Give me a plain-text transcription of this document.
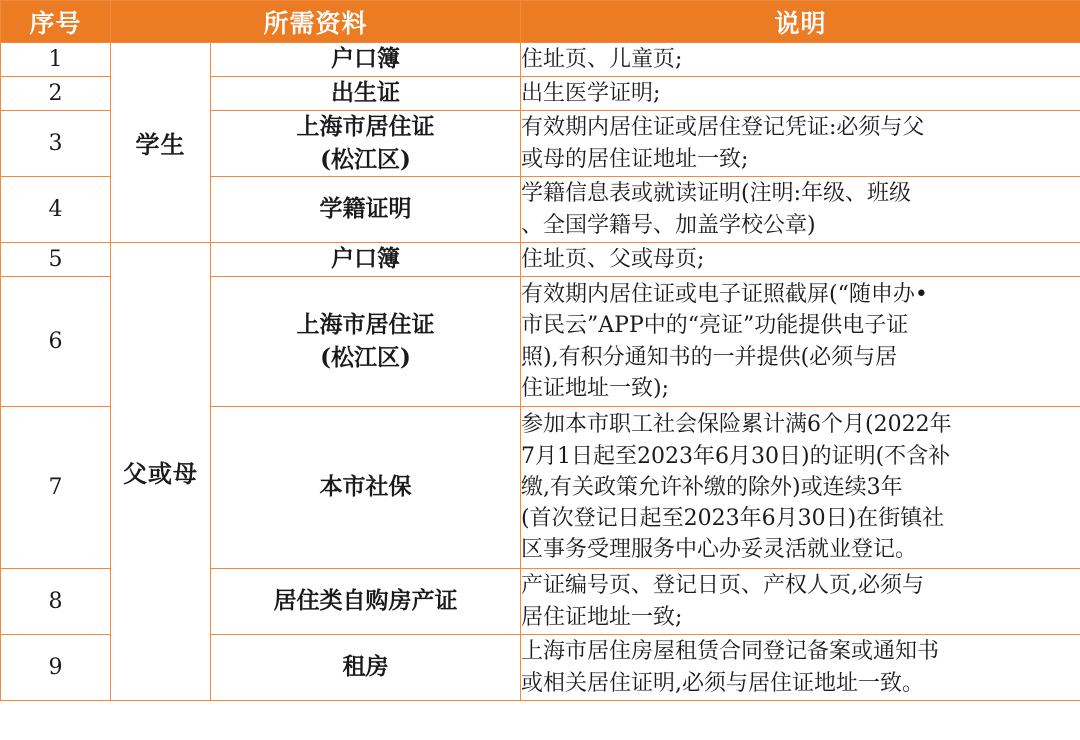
序号	所需资料		说明
1	学生	户口簿	住址页、儿童页;

2		出生证	出生医学证明;

3		上海市居住证
(松江区)	有效期内居住证或居住登记凭证:必须与父
或母的居住证地址一致;

4		学籍证明	学籍信息表或就读证明(注明:年级、班级
、全国学籍号、加盖学校公章)

5	父或母	户口簿	住址页、父或母页;

6		上海市居住证
(松江区)	有效期内居住证或电子证照截屏(“随申办•
市民云”APP中的“亮证”功能提供电子证
照),有积分通知书的一并提供(必须与居
住证地址一致);

7		本市社保	参加本市职工社会保险累计满6个月(2022年
7月1日起至2023年6月30日)的证明(不含补
缴,有关政策允许补缴的除外)或连续3年
(首次登记日起至2023年6月30日)在街镇社
区事务受理服务中心办妥灵活就业登记。

8		居住类自购房产证	产证编号页、登记日页、产权人页,必须与
居住证地址一致;

9		租房	上海市居住房屋租赁合同登记备案或通知书
或相关居住证明,必须与居住证地址一致。
